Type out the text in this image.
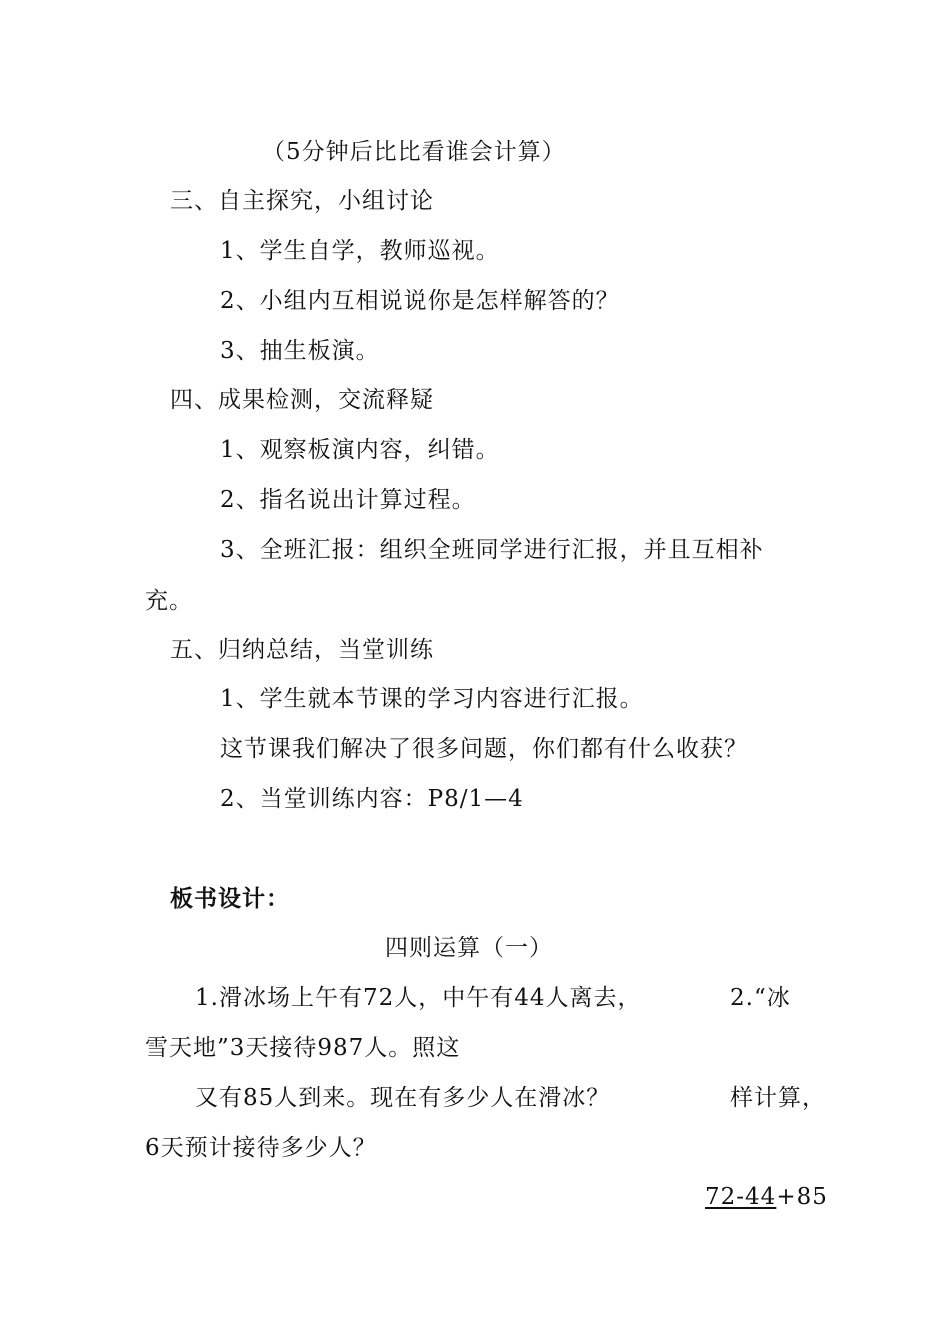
（5分钟后比比看谁会计算）
三、自主探究，小组讨论
1、学生自学，教师巡视。
2、小组内互相说说你是怎样解答的？
3、抽生板演。
四、成果检测，交流释疑
1、观察板演内容，纠错。
2、指名说出计算过程。
3、全班汇报：组织全班同学进行汇报，并且互相补
充。
五、归纳总结，当堂训练
1、学生就本节课的学习内容进行汇报。
这节课我们解决了很多问题，你们都有什么收获？
2、当堂训练内容：P8/1—4
板书设计：
四则运算（一）
1.滑冰场上午有72人，中午有44人离去，	2.“冰
雪天地”3天接待987人。照这
又有85人到来。现在有多少人在滑冰？	样计算，
6天预计接待多少人？
72-44+85
